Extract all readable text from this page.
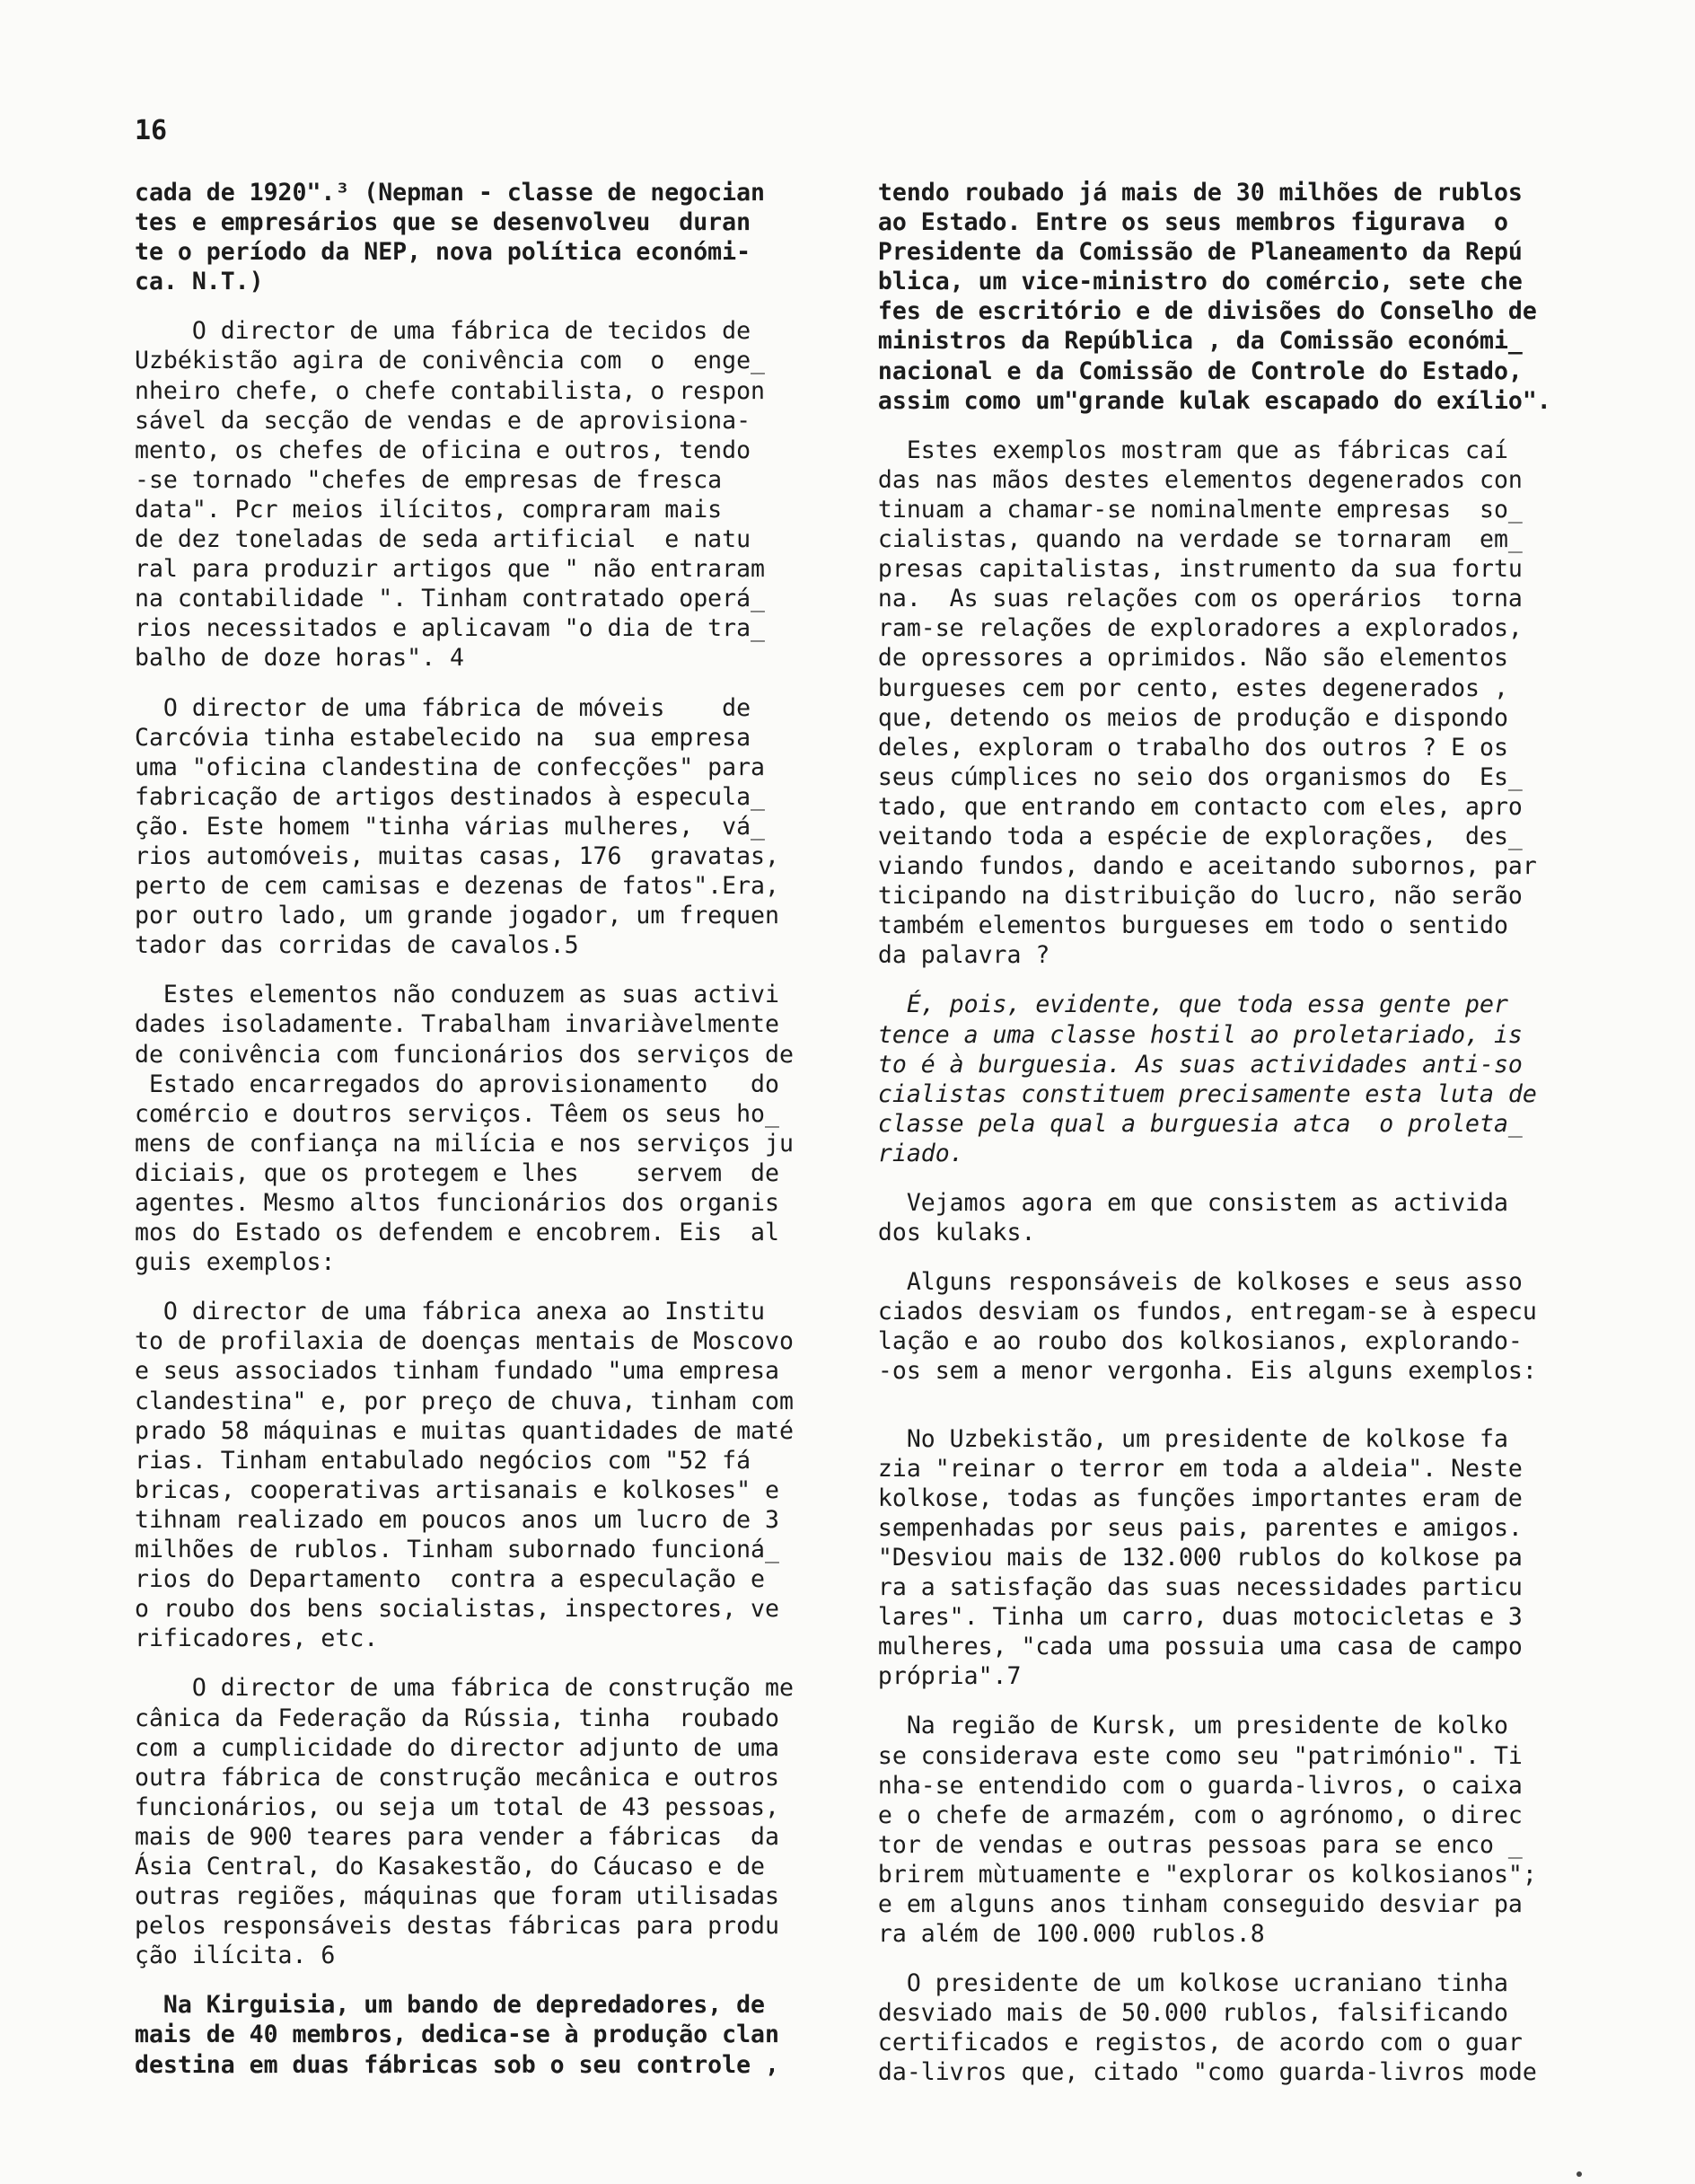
16
cada de 1920".³ (Nepman - classe de negocian
tes e empresários que se desenvolveu  duran
te o período da NEP, nova política económi-
ca. N.T.)
O director de uma fábrica de tecidos de
Uzbékistão agira de conivência com  o  enge_
nheiro chefe, o chefe contabilista, o respon
sável da secção de vendas e de aprovisiona-
mento, os chefes de oficina e outros, tendo
-se tornado "chefes de empresas de fresca
data". Pcr meios ilícitos, compraram mais
de dez toneladas de seda artificial  e natu
ral para produzir artigos que " não entraram
na contabilidade ". Tinham contratado operá_
rios necessitados e aplicavam "o dia de tra_
balho de doze horas". 4
O director de uma fábrica de móveis    de
Carcóvia tinha estabelecido na  sua empresa
uma "oficina clandestina de confecções" para
fabricação de artigos destinados à especula_
ção. Este homem "tinha várias mulheres,  vá_
rios automóveis, muitas casas, 176  gravatas,
perto de cem camisas e dezenas de fatos".Era,
por outro lado, um grande jogador, um frequen
tador das corridas de cavalos.5
Estes elementos não conduzem as suas activi
dades isoladamente. Trabalham invariàvelmente
de conivência com funcionários dos serviços de
Estado encarregados do aprovisionamento   do
comércio e doutros serviços. Têem os seus ho_
mens de confiança na milícia e nos serviços ju
diciais, que os protegem e lhes    servem  de
agentes. Mesmo altos funcionários dos organis
mos do Estado os defendem e encobrem. Eis  al
guis exemplos:
O director de uma fábrica anexa ao Institu
to de profilaxia de doenças mentais de Moscovo
e seus associados tinham fundado "uma empresa
clandestina" e, por preço de chuva, tinham com
prado 58 máquinas e muitas quantidades de maté
rias. Tinham entabulado negócios com "52 fá
bricas, cooperativas artisanais e kolkoses" e
tihnam realizado em poucos anos um lucro de 3
milhões de rublos. Tinham subornado funcioná_
rios do Departamento  contra a especulação e
o roubo dos bens socialistas, inspectores, ve
rificadores, etc.
O director de uma fábrica de construção me
cânica da Federação da Rússia, tinha  roubado
com a cumplicidade do director adjunto de uma
outra fábrica de construção mecânica e outros
funcionários, ou seja um total de 43 pessoas,
mais de 900 teares para vender a fábricas  da
Ásia Central, do Kasakestão, do Cáucaso e de
outras regiões, máquinas que foram utilisadas
pelos responsáveis destas fábricas para produ
ção ilícita. 6
Na Kirguisia, um bando de depredadores, de
mais de 40 membros, dedica-se à produção clan
destina em duas fábricas sob o seu controle ,
tendo roubado já mais de 30 milhões de rublos
ao Estado. Entre os seus membros figurava  o
Presidente da Comissão de Planeamento da Repú
blica, um vice-ministro do comércio, sete che
fes de escritório e de divisões do Conselho de
ministros da República , da Comissão económi_
nacional e da Comissão de Controle do Estado,
assim como um"grande kulak escapado do exílio".
Estes exemplos mostram que as fábricas caí
das nas mãos destes elementos degenerados con
tinuam a chamar-se nominalmente empresas  so_
cialistas, quando na verdade se tornaram  em_
presas capitalistas, instrumento da sua fortu
na.  As suas relações com os operários  torna
ram-se relações de exploradores a explorados,
de opressores a oprimidos. Não são elementos
burgueses cem por cento, estes degenerados ,
que, detendo os meios de produção e dispondo
deles, exploram o trabalho dos outros ? E os
seus cúmplices no seio dos organismos do  Es_
tado, que entrando em contacto com eles, apro
veitando toda a espécie de explorações,  des_
viando fundos, dando e aceitando subornos, par
ticipando na distribuição do lucro, não serão
também elementos burgueses em todo o sentido
da palavra ?
É, pois, evidente, que toda essa gente per
tence a uma classe hostil ao proletariado, is
to é à burguesia. As suas actividades anti-so
cialistas constituem precisamente esta luta de
classe pela qual a burguesia atca  o proleta_
riado.
Vejamos agora em que consistem as activida
dos kulaks.
Alguns responsáveis de kolkoses e seus asso
ciados desviam os fundos, entregam-se à especu
lação e ao roubo dos kolkosianos, explorando-
-os sem a menor vergonha. Eis alguns exemplos:
No Uzbekistão, um presidente de kolkose fa
zia "reinar o terror em toda a aldeia". Neste
kolkose, todas as funções importantes eram de
sempenhadas por seus pais, parentes e amigos.
"Desviou mais de 132.000 rublos do kolkose pa
ra a satisfação das suas necessidades particu
lares". Tinha um carro, duas motocicletas e 3
mulheres, "cada uma possuia uma casa de campo
própria".7
Na região de Kursk, um presidente de kolko
se considerava este como seu "património". Ti
nha-se entendido com o guarda-livros, o caixa
e o chefe de armazém, com o agrónomo, o direc
tor de vendas e outras pessoas para se enco _
brirem mùtuamente e "explorar os kolkosianos";
e em alguns anos tinham conseguido desviar pa
ra além de 100.000 rublos.8
O presidente de um kolkose ucraniano tinha
desviado mais de 50.000 rublos, falsificando
certificados e registos, de acordo com o guar
da-livros que, citado "como guarda-livros mode
